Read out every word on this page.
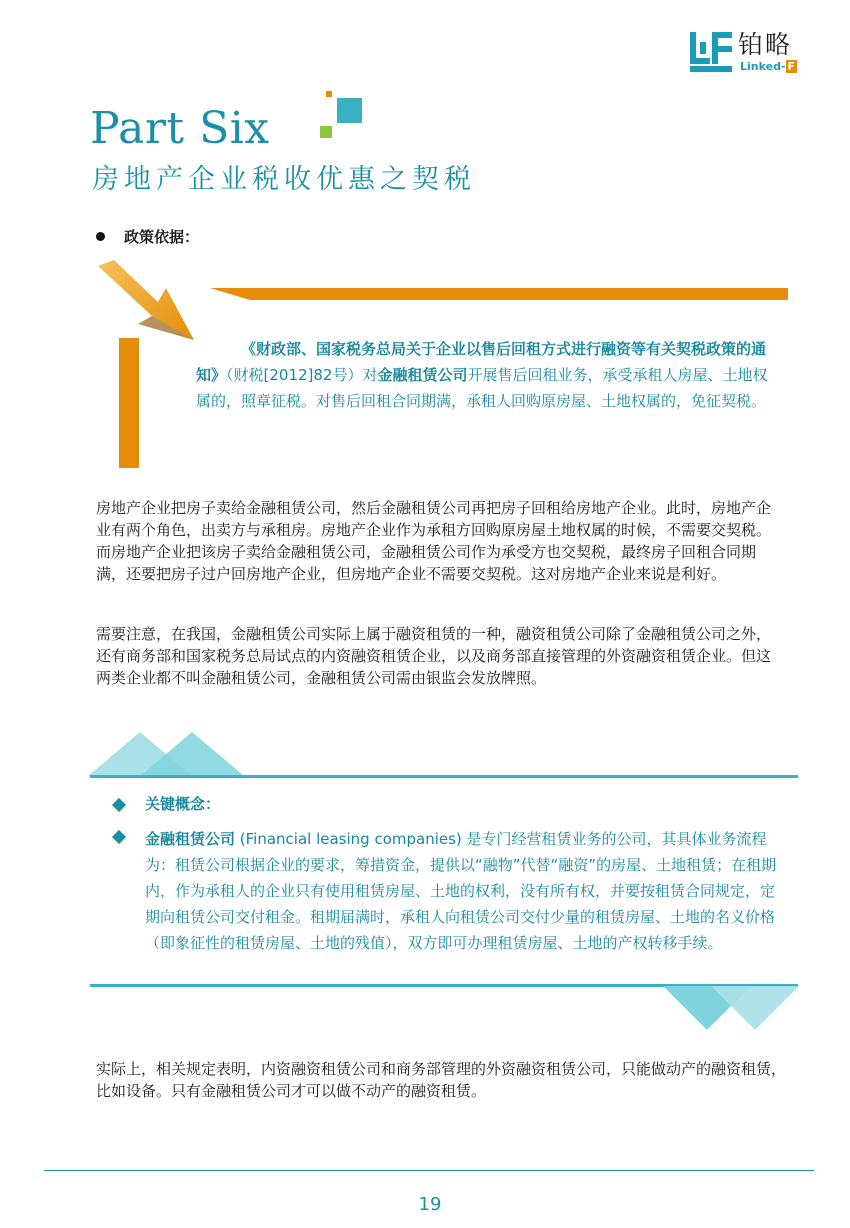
铂略
Linked- F
Part Six
房地产企业税收优惠之契税
政策依据：
《财政部、国家税务总局关于企业以售后回租方式进行融资等有关契税政策的通知》（财税[2012]82号）对金融租赁公司开展售后回租业务，承受承租人房屋、土地权属的，照章征税。对售后回租合同期满，承租人回购原房屋、土地权属的，免征契税。
房地产企业把房子卖给金融租赁公司，然后金融租赁公司再把房子回租给房地产企业。此时，房地产企业有两个角色，出卖方与承租房。房地产企业作为承租方回购原房屋土地权属的时候，不需要交契税。而房地产企业把该房子卖给金融租赁公司，金融租赁公司作为承受方也交契税，最终房子回租合同期满，还要把房子过户回房地产企业，但房地产企业不需要交契税。这对房地产企业来说是利好。
需要注意，在我国，金融租赁公司实际上属于融资租赁的一种，融资租赁公司除了金融租赁公司之外，还有商务部和国家税务总局试点的内资融资租赁企业，以及商务部直接管理的外资融资租赁企业。但这两类企业都不叫金融租赁公司，金融租赁公司需由银监会发放牌照。
关键概念：
金融租赁公司 (Financial leasing companies) 是专门经营租赁业务的公司，其具体业务流程为：租赁公司根据企业的要求，筹措资金，提供以“融物”代替“融资”的房屋、土地租赁；在租期内，作为承租人的企业只有使用租赁房屋、土地的权利，没有所有权，并要按租赁合同规定，定期向租赁公司交付租金。租期届满时，承租人向租赁公司交付少量的租赁房屋、土地的名义价格（即象征性的租赁房屋、土地的残值），双方即可办理租赁房屋、土地的产权转移手续。
实际上，相关规定表明，内资融资租赁公司和商务部管理的外资融资租赁公司，只能做动产的融资租赁，比如设备。只有金融租赁公司才可以做不动产的融资租赁。
19
